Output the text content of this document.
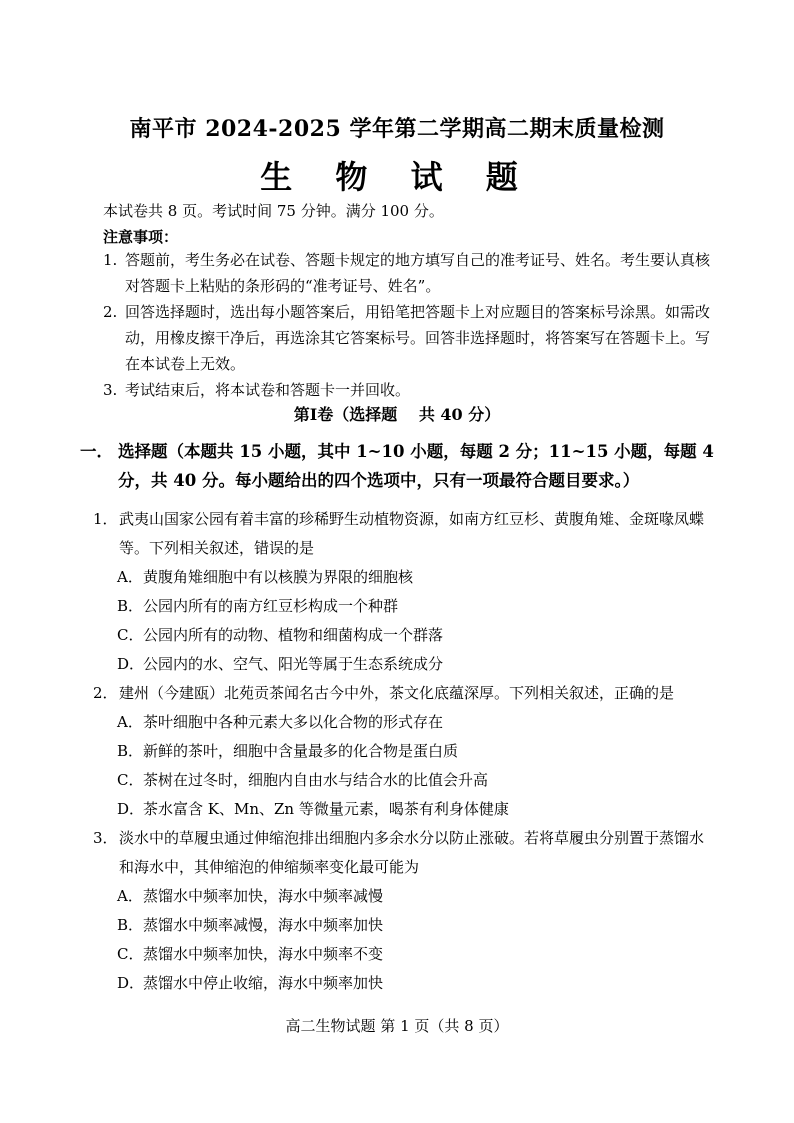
南平市 2024-2025 学年第二学期高二期末质量检测
生 物 试 题
本试卷共 8 页。考试时间 75 分钟。满分 100 分。
注意事项：
1. 答题前，考生务必在试卷、答题卡规定的地方填写自己的准考证号、姓名。考生要认真核对答题卡上粘贴的条形码的“准考证号、姓名”。
2. 回答选择题时，选出每小题答案后，用铅笔把答题卡上对应题目的答案标号涂黑。如需改动，用橡皮擦干净后，再选涂其它答案标号。回答非选择题时，将答案写在答题卡上。写在本试卷上无效。
3. 考试结束后，将本试卷和答题卡一并回收。
第Ⅰ卷（选择题　 共 40 分）
一． 选择题（本题共 15 小题，其中 1~10 小题，每题 2 分；11~15 小题，每题 4 分，共 40 分。每小题给出的四个选项中，只有一项最符合题目要求。）
1． 武夷山国家公园有着丰富的珍稀野生动植物资源，如南方红豆杉、黄腹角雉、金斑喙凤蝶等。下列相关叙述，错误的是
A． 黄腹角雉细胞中有以核膜为界限的细胞核
B． 公园内所有的南方红豆杉构成一个种群
C． 公园内所有的动物、植物和细菌构成一个群落
D．
公园内的水、空气、阳光等属于生态系统成分
2． 建州（今建瓯）北苑贡茶闻名古今中外，茶文化底蕴深厚。下列相关叙述，正确的是
A． 茶叶细胞中各种元素大多以化合物的形式存在
B． 新鲜的茶叶，细胞中含量最多的化合物是蛋白质
C． 茶树在过冬时，细胞内自由水与结合水的比值会升高
D．
茶水富含 K、Mn、Zn 等微量元素，喝茶有利身体健康
3． 淡水中的草履虫通过伸缩泡排出细胞内多余水分以防止涨破。若将草履虫分别置于蒸馏水和海水中，其伸缩泡的伸缩频率变化最可能为
A． 蒸馏水中频率加快，海水中频率减慢
B． 蒸馏水中频率减慢，海水中频率加快
C． 蒸馏水中频率加快，海水中频率不变
D．
蒸馏水中停止收缩，海水中频率加快
高二生物试题 第 1 页（共 8 页）
